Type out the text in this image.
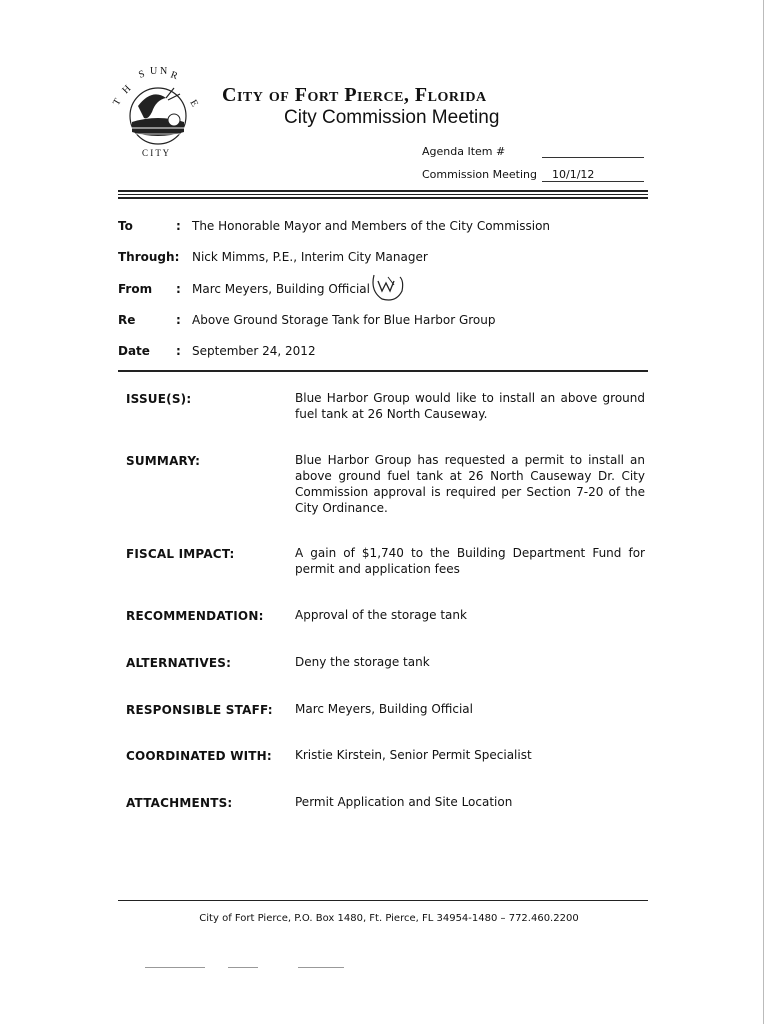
S U N R
T
H
E
C I T Y
City of Fort Pierce, Florida
City Commission Meeting
Agenda Item #
Commission Meeting 10/1/12
To	: The Honorable Mayor and Members of the City Commission
Through: Nick Mimms, P.E., Interim City Manager
From : Marc Meyers, Building Official
Re	: Above Ground Storage Tank for Blue Harbor Group
Date : September 24, 2012
ISSUE(S):	Blue Harbor Group would like to install an above ground fuel tank at 26 North Causeway.
SUMMARY:	Blue Harbor Group has requested a permit to install an above ground fuel tank at 26 North Causeway Dr. City Commission approval is required per Section 7-20 of the City Ordinance.
FISCAL IMPACT:	A gain of $1,740 to the Building Department Fund for permit and application fees
RECOMMENDATION:	Approval of the storage tank
ALTERNATIVES:	Deny the storage tank
RESPONSIBLE STAFF: Marc Meyers, Building Official
COORDINATED WITH: Kristie Kirstein, Senior Permit Specialist
ATTACHMENTS:	Permit Application and Site Location
City of Fort Pierce, P.O. Box 1480, Ft. Pierce, FL 34954-1480 – 772.460.2200
